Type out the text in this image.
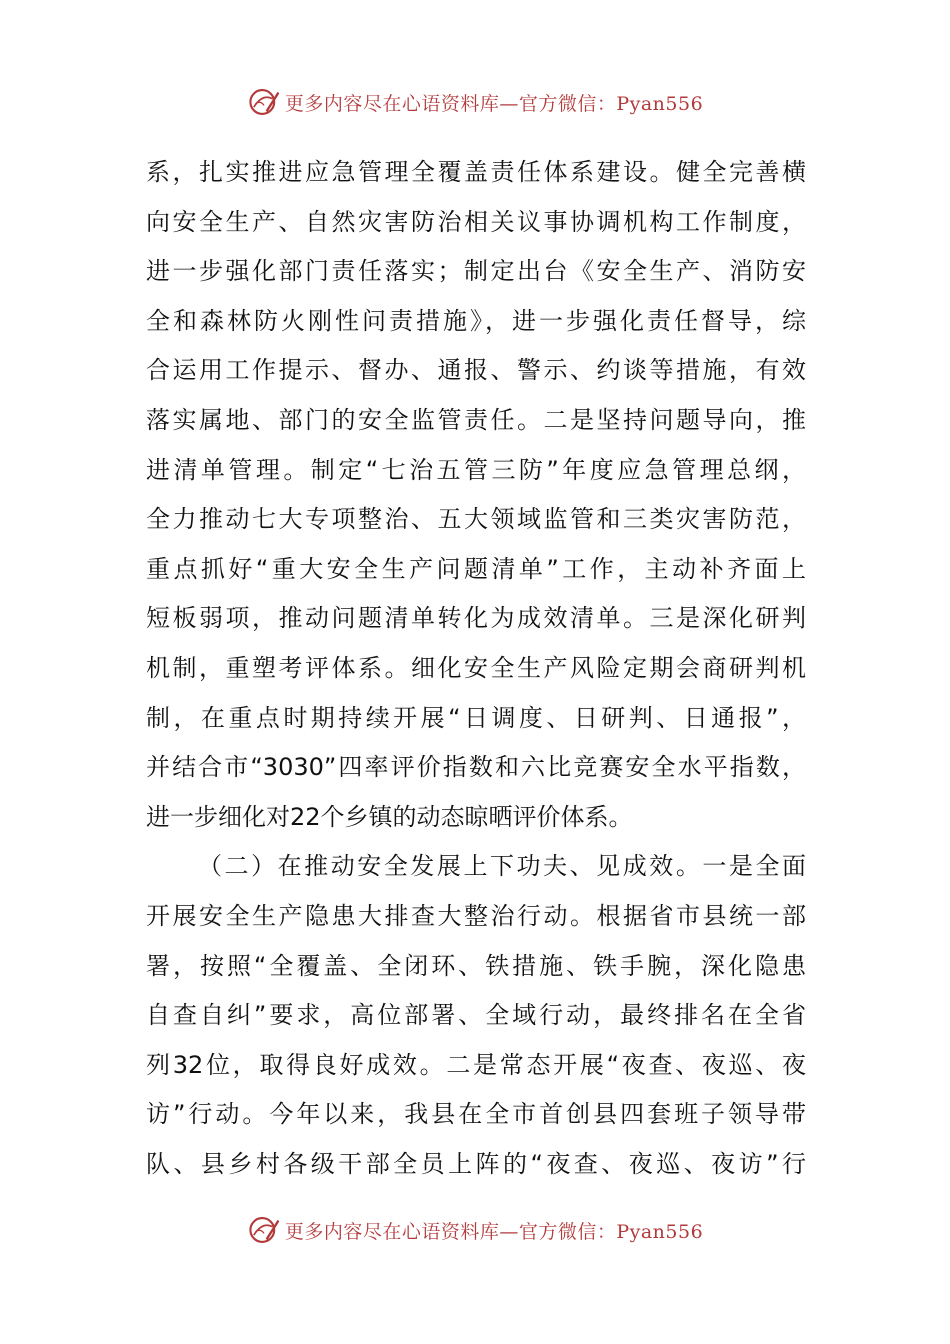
更多内容尽在心语资料库—官方微信：Pyan556
系，扎实推进应急管理全覆盖责任体系建设。健全完善横
向安全生产、自然灾害防治相关议事协调机构工作制度，
进一步强化部门责任落实；制定出台《安全生产、消防安
全和森林防火刚性问责措施》，进一步强化责任督导，综
合运用工作提示、督办、通报、警示、约谈等措施，有效
落实属地、部门的安全监管责任。二是坚持问题导向，推
进清单管理。制定“七治五管三防”年度应急管理总纲，
全力推动七大专项整治、五大领域监管和三类灾害防范，
重点抓好“重大安全生产问题清单”工作，主动补齐面上
短板弱项，推动问题清单转化为成效清单。三是深化研判
机制，重塑考评体系。细化安全生产风险定期会商研判机
制，在重点时期持续开展“日调度、日研判、日通报”，
并结合市“3030”四率评价指数和六比竞赛安全水平指数，
进一步细化对22个乡镇的动态晾晒评价体系。
（二）在推动安全发展上下功夫、见成效。一是全面
开展安全生产隐患大排查大整治行动。根据省市县统一部
署，按照“全覆盖、全闭环、铁措施、铁手腕，深化隐患
自查自纠”要求，高位部署、全域行动，最终排名在全省
列32位，取得良好成效。二是常态开展“夜查、夜巡、夜
访”行动。今年以来，我县在全市首创县四套班子领导带
队、县乡村各级干部全员上阵的“夜查、夜巡、夜访”行
更多内容尽在心语资料库—官方微信：Pyan556
